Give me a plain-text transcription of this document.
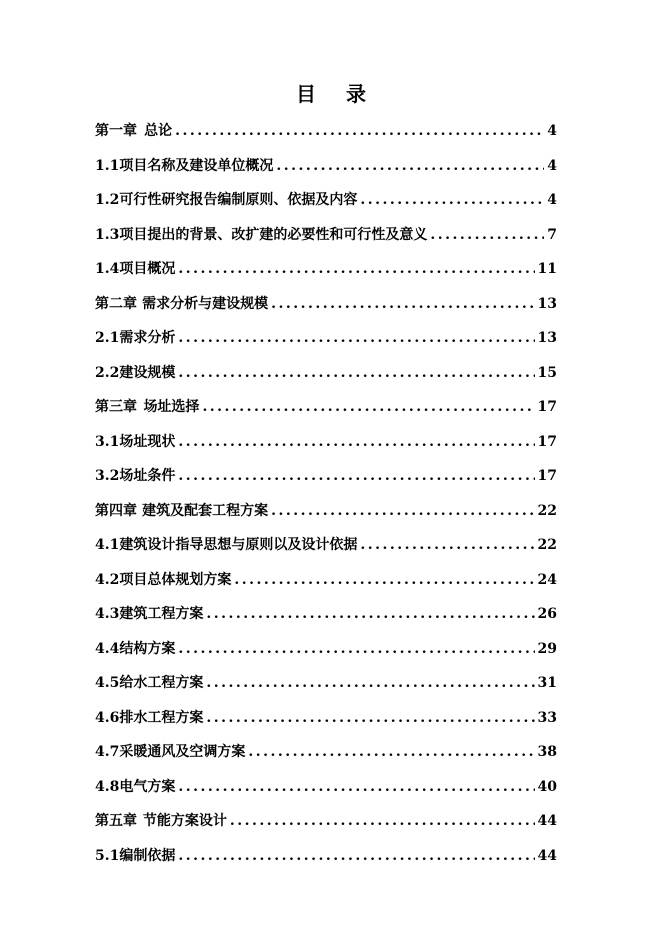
目 录
第一章 总论 .....	4
1.1 项目名称及建设单位概况 .....	4
1.2 可行性研究报告编制原则、依据及内容 .....	4
1.3 项目提出的背景、改扩建的必要性和可行性及意义 .....	7
1.4 项目概况 .....	11
第二章 需求分析与建设规模 .....	13
2.1 需求分析 .....	13
2.2 建设规模 .....	15
第三章 场址选择 .....	17
3.1 场址现状 .....	17
3.2 场址条件 .....	17
第四章 建筑及配套工程方案 .....	22
4.1 建筑设计指导思想与原则以及设计依据 .....	22
4.2 项目总体规划方案 .....	24
4.3 建筑工程方案 .....	26
4.4 结构方案 .....	29
4.5 给水工程方案 .....	31
4.6 排水工程方案 .....	33
4.7 采暖通风及空调方案 .....	38
4.8 电气方案 .....	40
第五章 节能方案设计 .....	44
5.1 编制依据 .....	44
